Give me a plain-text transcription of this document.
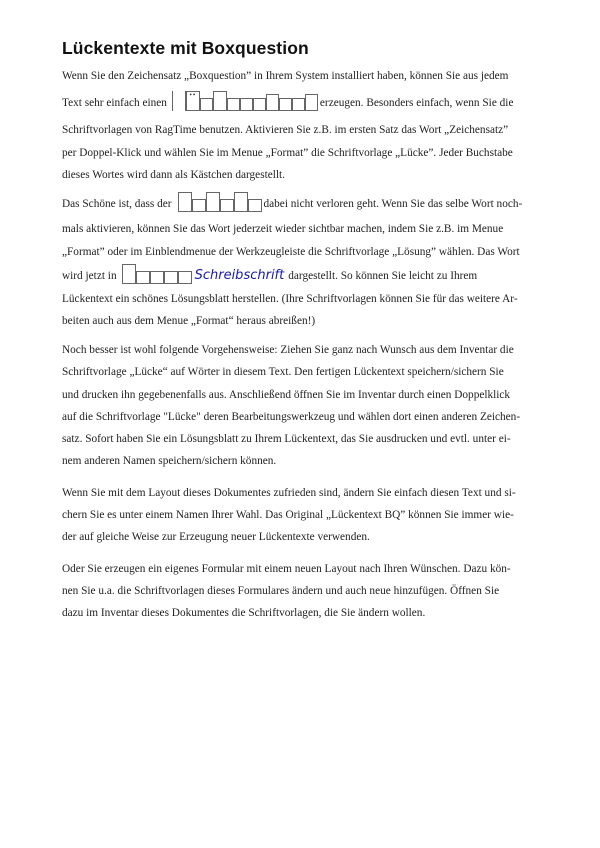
Lückentexte mit Boxquestion
Wenn Sie den Zeichensatz „Boxquestion” in Ihrem System installiert haben, können Sie aus jedem
Text sehr einfach einen
••
erzeugen. Besonders einfach, wenn Sie die
Schriftvorlagen von RagTime benutzen. Aktivieren Sie z.B. im ersten Satz das Wort „Zeichensatz”
per Doppel-Klick und wählen Sie im Menue „Format” die Schriftvorlage „Lücke”. Jeder Buchstabe
dieses Wortes wird dann als Kästchen dargestellt.
Das Schöne ist, dass der	dabei nicht verloren geht. Wenn Sie das selbe Wort noch-
mals aktivieren, können Sie das Wort jederzeit wieder sichtbar machen, indem Sie z.B. im Menue
„Format” oder im Einblendmenue der Werkzeugleiste die Schriftvorlage „Lösung” wählen. Das Wort
wird jetzt in	Schreibschrift dargestellt. So können Sie leicht zu Ihrem
Lückentext ein schönes Lösungsblatt herstellen. (Ihre Schriftvorlagen können Sie für das weitere Ar-
beiten auch aus dem Menue „Format“ heraus abreißen!)
Noch besser ist wohl folgende Vorgehensweise: Ziehen Sie ganz nach Wunsch aus dem Inventar die
Schriftvorlage „Lücke“ auf Wörter in diesem Text. Den fertigen Lückentext speichern/sichern Sie
und drucken ihn gegebenenfalls aus. Anschließend öffnen Sie im Inventar durch einen Doppelklick
auf die Schriftvorlage "Lücke" deren Bearbeitungswerkzeug und wählen dort einen anderen Zeichen-
satz. Sofort haben Sie ein Lösungsblatt zu Ihrem Lückentext, das Sie ausdrucken und evtl. unter ei-
nem anderen Namen speichern/sichern können.
Wenn Sie mit dem Layout dieses Dokumentes zufrieden sind, ändern Sie einfach diesen Text und si-
chern Sie es unter einem Namen Ihrer Wahl. Das Original „Lückentext BQ” können Sie immer wie-
der auf gleiche Weise zur Erzeugung neuer Lückentexte verwenden.
Oder Sie erzeugen ein eigenes Formular mit einem neuen Layout nach Ihren Wünschen. Dazu kön-
nen Sie u.a. die Schriftvorlagen dieses Formulares ändern und auch neue hinzufügen. Öffnen Sie
dazu im Inventar dieses Dokumentes die Schriftvorlagen, die Sie ändern wollen.
